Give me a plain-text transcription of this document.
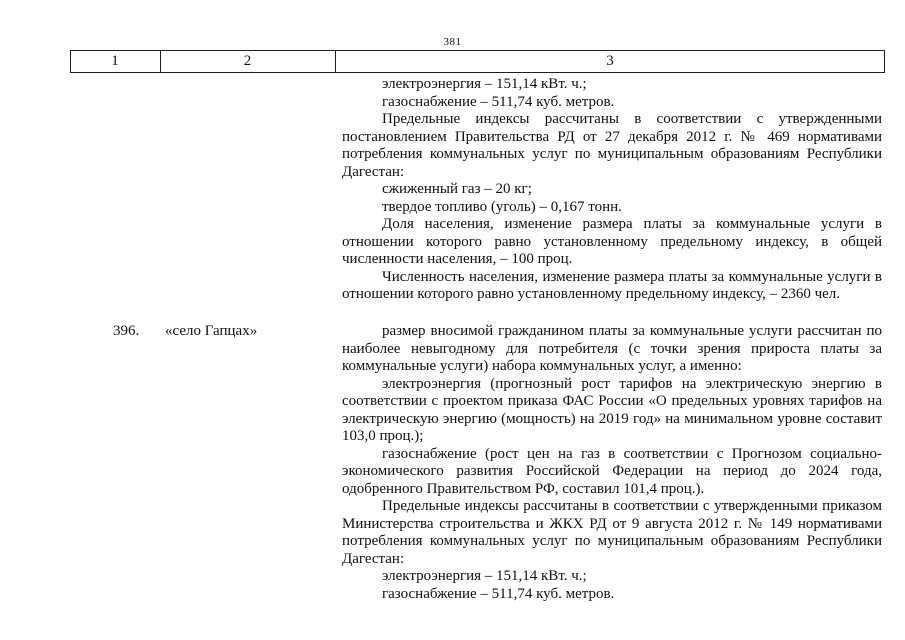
381
1	2	3

электроэнергия – 151,14 кВт. ч.;

газоснабжение – 511,74 куб. метров.

Предельные индексы рассчитаны в соответствии с утвержденными постановлением Правительства РД от 27 декабря 2012 г. № 469 нормативами потребления коммунальных услуг по муниципальным образованиям Республики Дагестан:

сжиженный газ – 20 кг;

твердое топливо (уголь) – 0,167 тонн.

Доля населения, изменение размера платы за коммунальные услуги в отношении которого равно установленному предельному индексу, в общей численности населения, – 100 проц.

Численность населения, изменение размера платы за коммунальные услуги в отношении которого равно установленному предельному индексу, – 2360 чел.

396. «село Гапцах»	размер вносимой гражданином платы за коммунальные услуги рассчитан по наиболее невыгодному для потребителя (с точки зрения прироста платы за коммунальные услуги) набора коммунальных услуг, а именно:

электроэнергия (прогнозный рост тарифов на электрическую энергию в соответствии с проектом приказа ФАС России «О предельных уровнях тарифов на электрическую энергию (мощность) на 2019 год» на минимальном уровне составит 103,0 проц.);

газоснабжение (рост цен на газ в соответствии с Прогнозом социально-экономического развития Российской Федерации на период до 2024 года, одобренного Правительством РФ, составил 101,4 проц.).

Предельные индексы рассчитаны в соответствии с утвержденными приказом Министерства строительства и ЖКХ РД от 9 августа 2012 г. № 149 нормативами потребления коммунальных услуг по муниципальным образованиям Республики Дагестан:

электроэнергия – 151,14 кВт. ч.;

газоснабжение – 511,74 куб. метров.
